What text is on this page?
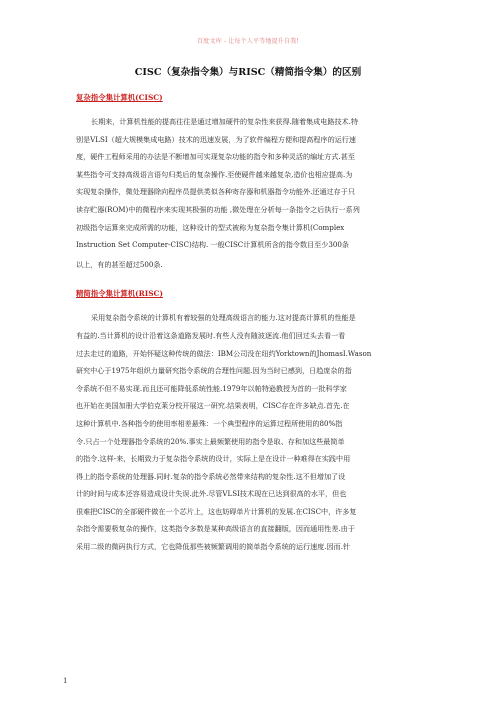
百度文库 - 让每个人平等地提升自我!
CISC（复杂指令集）与RISC（精简指令集）的区别
复杂指令集计算机(CISC)
长期来，计算机性能的提高往往是通过增加硬件的复杂性来获得.随着集成电路技术.特
别是VLSI（超大规模集成电路）技术的迅速发展，为了软件编程方便和提高程序的运行速
度，硬件工程师采用的办法是不断增加可实现复杂功能的指令和多种灵活的编址方式.甚至
某些指令可支持高级语言语句归类后的复杂操作.至使硬件越来越复杂,造价也相应提高.为
实现复杂操作，微处理器除向程序员提供类似各种寄存器和机器指令功能外.还通过存于只
读存贮器(ROM)中的微程序来实现其极强的功能 ,微处理在分析每一条指令之后执行一系列
初级指令运算来完成所需的功能，这种设计的型式被称为复杂指令集计算机(Complex
Instruction Set Computer-CISC)结构. 一般CISC计算机所含的指令数目至少300条
以上，有的甚至超过500条.
精简指令集计算机(RISC)
采用复杂指令系统的计算机有着较强的处理高级语言的能力.这对提高计算机的性能是
有益的.当计算机的设计沿着这条道路发展时.有些人没有随波逐流.他们回过头去看一看
过去走过的道路，开始怀疑这种传统的做法：IBM公司没在纽约Yorktown的JhomasI.Wason
研究中心于1975年组织力量研究指令系统的合理性问题.因为当时已感到，日趋庞杂的指
令系统不但不易实现.而且还可能降低系统性能.1979年以帕特逊教授为首的一批科学家
也开始在美国加册大学伯克莱分校开展这一研究.结果表明，CISC存在许多缺点.首先.在
这种计算机中.各种指令的使用率相差悬殊：一个典型程序的运算过程所使用的80%指
令.只占一个处理器指令系统的20%.事实上最频繁使用的指令是取、存和加这些最简单
的指令.这样-来，长期致力于复杂指令系统的设计，实际上是在设计一种难得在实践中用
得上的指令系统的处理器.同时.复杂的指令系统必然带来结构的复杂性.这不但增加了设
计的时间与成本还容易造成设计失误.此外.尽管VLSI技术现在已达到很高的水平，但也
很难把CISC的全部硬件做在一个芯片上，这也妨碍单片计算机的发展.在CISC中，许多复
杂指令需要极复杂的操作，这类指令多数是某种高级语言的直接翻版，因而通用性差.由于
采用二级的微码执行方式，它也降低那些被频繁调用的简单指令系统的运行速度.因而.针
1
